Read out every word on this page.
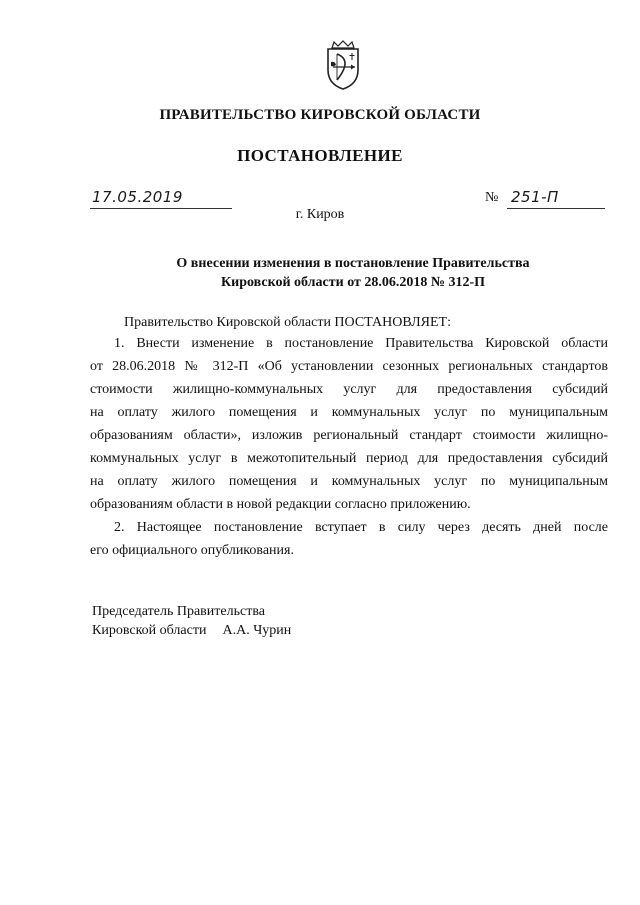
ПРАВИТЕЛЬСТВО КИРОВСКОЙ ОБЛАСТИ
ПОСТАНОВЛЕНИЕ
17.05.2019	№ 251-П
г. Киров
О внесении изменения в постановление Правительства
Кировской области от 28.06.2018 № 312-П
Правительство Кировской области ПОСТАНОВЛЯЕТ:
1. Внести изменение в постановление Правительства Кировской области
от 28.06.2018 № 312-П «Об установлении сезонных региональных стандартов
стоимости жилищно-коммунальных услуг для предоставления субсидий
на оплату жилого помещения и коммунальных услуг по муниципальным
образованиям области», изложив региональный стандарт стоимости жилищно-
коммунальных услуг в межотопительный период для предоставления субсидий
на оплату жилого помещения и коммунальных услуг по муниципальным
образованиям области в новой редакции согласно приложению.
2. Настоящее постановление вступает в силу через десять дней после
его официального опубликования.
Председатель Правительства
Кировской области А.А. Чурин
